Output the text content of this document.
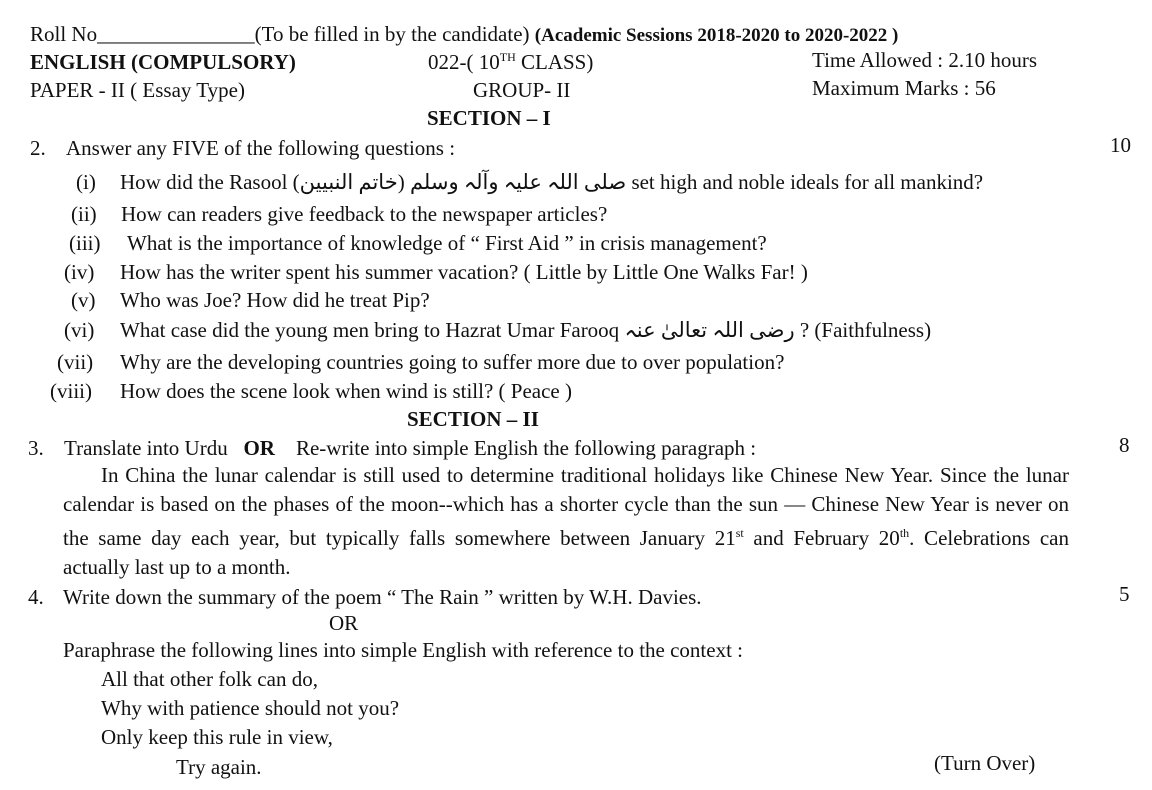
Roll No_______________(To be filled in by the candidate) (Academic Sessions 2018-2020 to 2020-2022 )
ENGLISH (COMPULSORY)	022-( 10TH CLASS)	Time Allowed : 2.10 hours
PAPER - II ( Essay Type)	GROUP- II	Maximum Marks : 56
SECTION – I
2. Answer any FIVE of the following questions :	10
(i) How did the Rasool (خاتم النبیین) صلی اللہ علیہ وآلہ وسلم set high and noble ideals for all mankind?
(ii) How can readers give feedback to the newspaper articles?
(iii) What is the importance of knowledge of “ First Aid ” in crisis management?
(iv) How has the writer spent his summer vacation? ( Little by Little One Walks Far! )
(v) Who was Joe? How did he treat Pip?
(vi) What case did the young men bring to Hazrat Umar Farooq رضی اللہ تعالیٰ عنہ ? (Faithfulness)
(vii) Why are the developing countries going to suffer more due to over population?
(viii) How does the scene look when wind is still? ( Peace )
SECTION – II
3. Translate into Urdu OR Re-write into simple English the following paragraph :	8
In China the lunar calendar is still used to determine traditional holidays like Chinese New Year. Since the lunar calendar is based on the phases of the moon--which has a shorter cycle than the sun — Chinese New Year is never on the same day each year, but typically falls somewhere between January 21st and February 20th. Celebrations can actually last up to a month.
4. Write down the summary of the poem “ The Rain ” written by W.H. Davies.	5
OR
Paraphrase the following lines into simple English with reference to the context :
All that other folk can do,
Why with patience should not you?
Only keep this rule in view,
Try again.	(Turn Over)
